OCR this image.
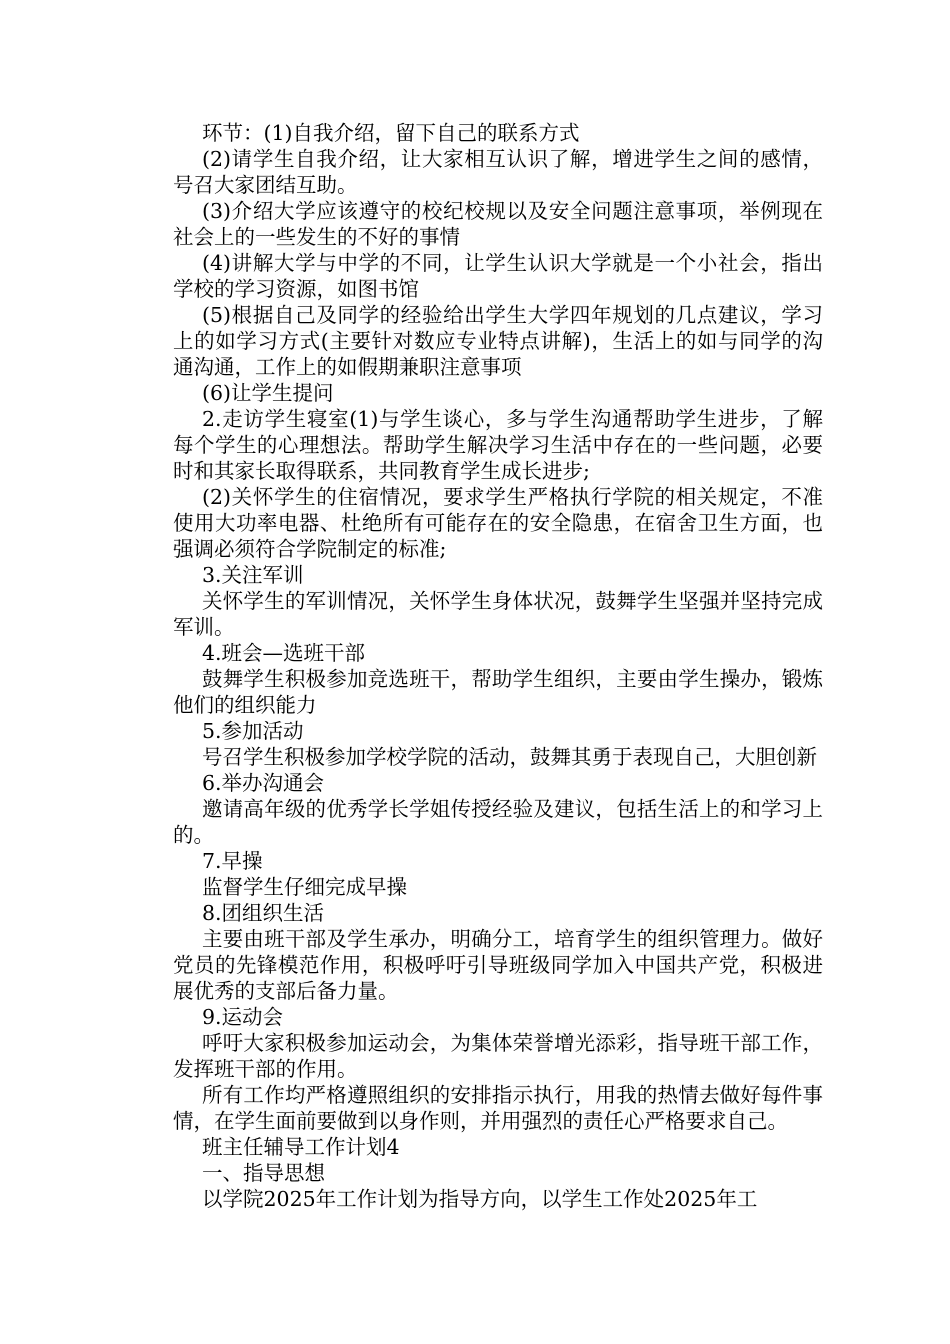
环节：(1)自我介绍，留下自己的联系方式

(2)请学生自我介绍，让大家相互认识了解，增进学生之间的感情，号召大家团结互助。

(3)介绍大学应该遵守的校纪校规以及安全问题注意事项，举例现在社会上的一些发生的不好的事情

(4)讲解大学与中学的不同，让学生认识大学就是一个小社会，指出学校的学习资源，如图书馆

(5)根据自己及同学的经验给出学生大学四年规划的几点建议，学习上的如学习方式(主要针对数应专业特点讲解)，生活上的如与同学的沟通沟通，工作上的如假期兼职注意事项

(6)让学生提问

2.走访学生寝室(1)与学生谈心，多与学生沟通帮助学生进步，了解每个学生的心理想法。帮助学生解决学习生活中存在的一些问题，必要时和其家长取得联系，共同教育学生成长进步;

(2)关怀学生的住宿情况，要求学生严格执行学院的相关规定，不准使用大功率电器、杜绝所有可能存在的安全隐患，在宿舍卫生方面，也强调必须符合学院制定的标准;

3.关注军训

关怀学生的军训情况，关怀学生身体状况，鼓舞学生坚强并坚持完成军训。

4.班会—选班干部

鼓舞学生积极参加竞选班干，帮助学生组织，主要由学生操办，锻炼他们的组织能力

5.参加活动

号召学生积极参加学校学院的活动，鼓舞其勇于表现自己，大胆创新

6.举办沟通会

邀请高年级的优秀学长学姐传授经验及建议，包括生活上的和学习上的。

7.早操

监督学生仔细完成早操

8.团组织生活

主要由班干部及学生承办，明确分工，培育学生的组织管理力。做好党员的先锋模范作用，积极呼吁引导班级同学加入中国共产党，积极进展优秀的支部后备力量。

9.运动会

呼吁大家积极参加运动会，为集体荣誉增光添彩，指导班干部工作，发挥班干部的作用。

所有工作均严格遵照组织的安排指示执行，用我的热情去做好每件事情，在学生面前要做到以身作则，并用强烈的责任心严格要求自己。

班主任辅导工作计划4

一、指导思想

以学院2025年工作计划为指导方向，以学生工作处2025年工
